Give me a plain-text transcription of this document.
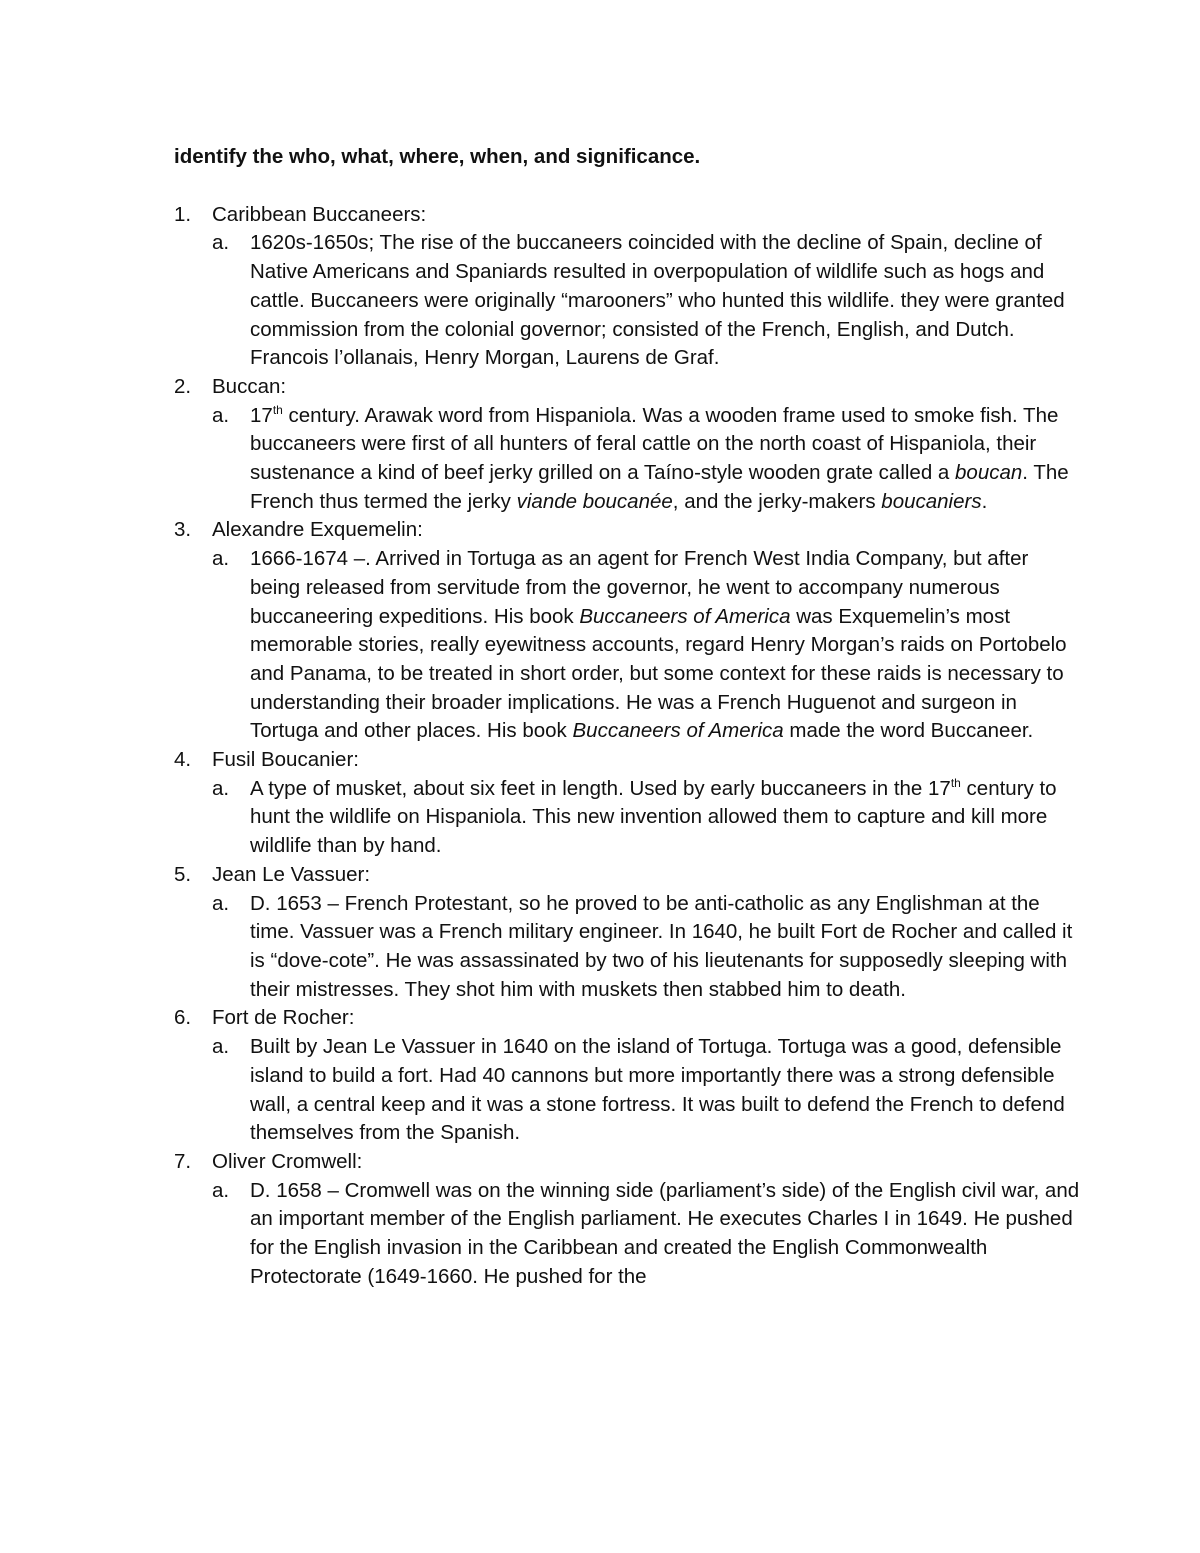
identify the who, what, where, when, and significance.

1. Caribbean Buccaneers:
a. 1620s-1650s; The rise of the buccaneers coincided with the decline of Spain, decline of Native Americans and Spaniards resulted in overpopulation of wildlife such as hogs and cattle. Buccaneers were originally “marooners” who hunted this wildlife. they were granted commission from the colonial governor; consisted of the French, English, and Dutch. Francois l’ollanais, Henry Morgan, Laurens de Graf.
2. Buccan:
a. 17th century. Arawak word from Hispaniola. Was a wooden frame used to smoke fish. The buccaneers were first of all hunters of feral cattle on the north coast of Hispaniola, their sustenance a kind of beef jerky grilled on a Taíno-style wooden grate called a boucan. The French thus termed the jerky viande boucanée, and the jerky-makers boucaniers.
3. Alexandre Exquemelin:
a. 1666-1674 –. Arrived in Tortuga as an agent for French West India Company, but after being released from servitude from the governor, he went to accompany numerous buccaneering expeditions. His book Buccaneers of America was Exquemelin’s most memorable stories, really eyewitness accounts, regard Henry Morgan’s raids on Portobelo and Panama, to be treated in short order, but some context for these raids is necessary to understanding their broader implications. He was a French Huguenot and surgeon in Tortuga and other places. His book Buccaneers of America made the word Buccaneer.
4. Fusil Boucanier:
a. A type of musket, about six feet in length. Used by early buccaneers in the 17th century to hunt the wildlife on Hispaniola. This new invention allowed them to capture and kill more wildlife than by hand.
5. Jean Le Vassuer:
a. D. 1653 – French Protestant, so he proved to be anti-catholic as any Englishman at the time. Vassuer was a French military engineer. In 1640, he built Fort de Rocher and called it is “dove-cote”. He was assassinated by two of his lieutenants for supposedly sleeping with their mistresses. They shot him with muskets then stabbed him to death.
6. Fort de Rocher:
a. Built by Jean Le Vassuer in 1640 on the island of Tortuga. Tortuga was a good, defensible island to build a fort. Had 40 cannons but more importantly there was a strong defensible wall, a central keep and it was a stone fortress. It was built to defend the French to defend themselves from the Spanish.
7. Oliver Cromwell:
a. D. 1658 – Cromwell was on the winning side (parliament’s side) of the English civil war, and an important member of the English parliament. He executes Charles I in 1649. He pushed for the English invasion in the Caribbean and created the English Commonwealth Protectorate (1649-1660. He pushed for the
